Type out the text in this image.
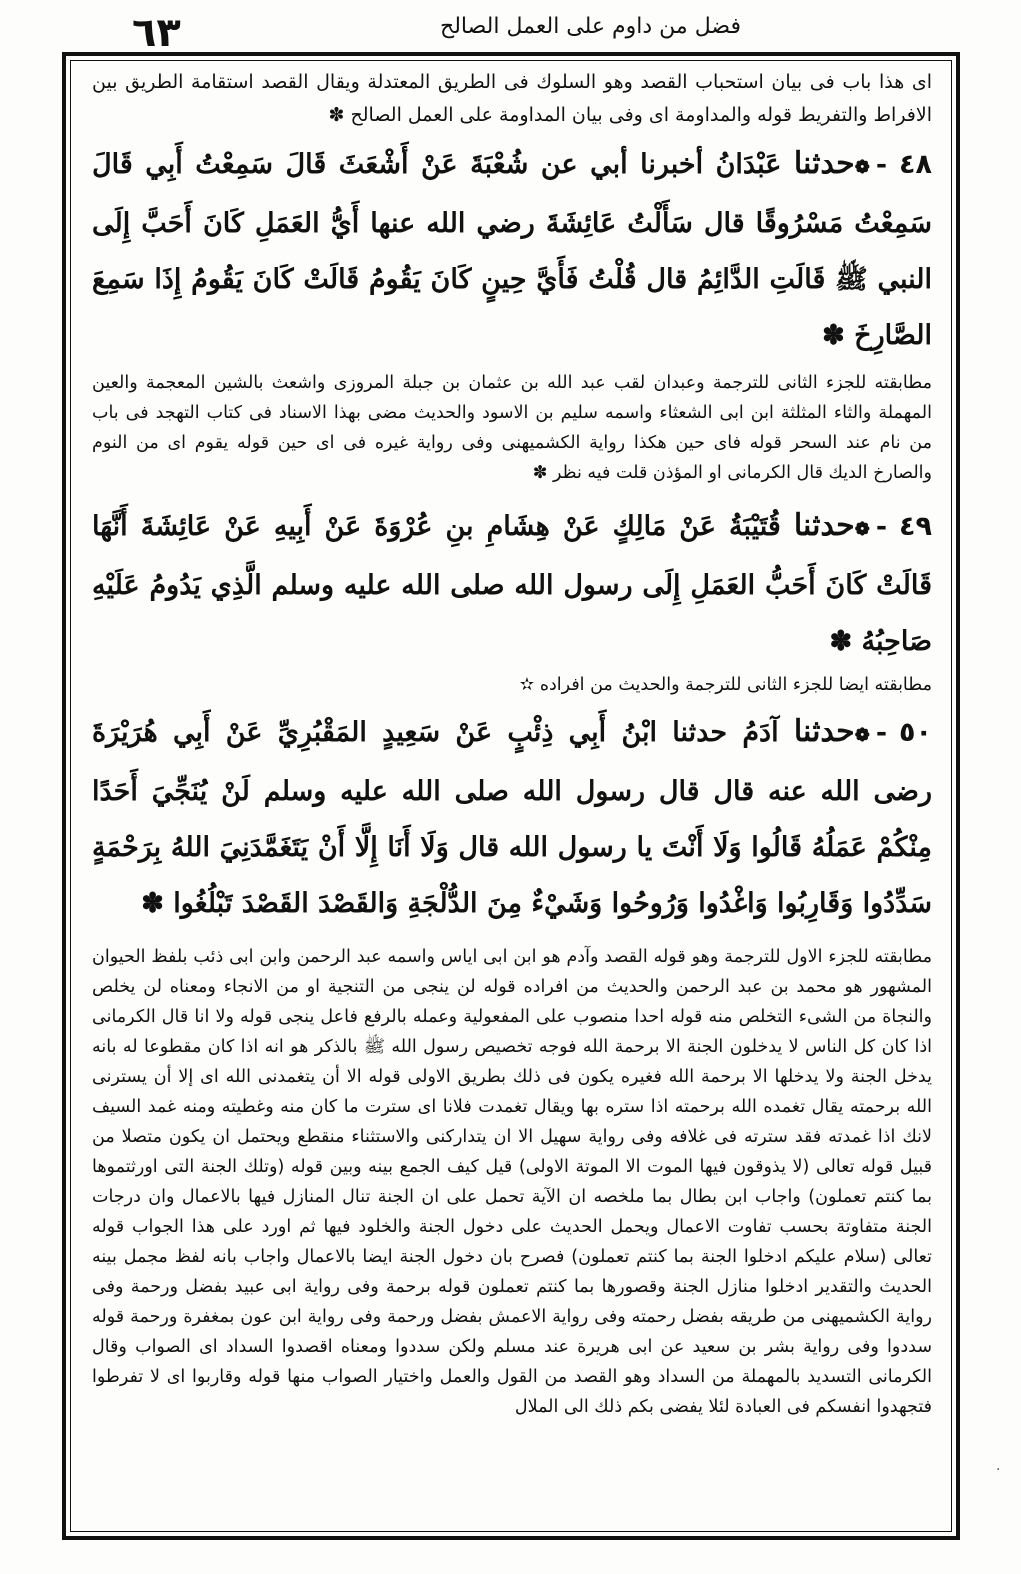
٦٣	فضل من داوم على العمل الصالح

اى هذا باب فى بيان استحباب القصد وهو السلوك فى الطريق المعتدلة ويقال القصد استقامة الطريق بين الافراط والتفريط قوله والمداومة اى وفى بيان المداومة على العمل الصالح ✽

٤٨-❁حدثنا عَبْدَانُ أخبرنا أبي عن شُعْبَةَ عَنْ أَشْعَثَ قَالَ سَمِعْتُ أَبِي قَالَ سَمِعْتُ مَسْرُوقًا قال سَأَلْتُ عَائِشَةَ رضي الله عنها أَيُّ العَمَلِ كَانَ أَحَبَّ إِلَى النبي ﷺ قَالَتِ الدَّائِمُ قال قُلْتُ فَأَيَّ حِينٍ كَانَ يَقُومُ قَالَتْ كَانَ يَقُومُ إِذَا سَمِعَ الصَّارِخَ ✽

مطابقته للجزء الثانى للترجمة وعبدان لقب عبد الله بن عثمان بن جبلة المروزى واشعث بالشين المعجمة والعين المهملة والثاء المثلثة ابن ابى الشعثاء واسمه سليم بن الاسود والحديث مضى بهذا الاسناد فى كتاب التهجد فى باب من نام عند السحر قوله فاى حين هكذا رواية الكشميهنى وفى رواية غيره فى اى حين قوله يقوم اى من النوم والصارخ الديك قال الكرمانى او المؤذن قلت فيه نظر ✽

٤٩-❁حدثنا قُتَيْبَةُ عَنْ مَالِكٍ عَنْ هِشَامِ بنِ عُرْوَةَ عَنْ أَبِيهِ عَنْ عَائِشَةَ أَنَّهَا قَالَتْ كَانَ أَحَبُّ العَمَلِ إِلَى رسول الله صلى الله عليه وسلم الَّذِي يَدُومُ عَلَيْهِ صَاحِبُهُ ✽

مطابقته ايضا للجزء الثانى للترجمة والحديث من افراده ✫

٥٠-❁حدثنا آدَمُ حدثنا ابْنُ أَبِي ذِئْبٍ عَنْ سَعِيدٍ المَقْبُرِيِّ عَنْ أَبِي هُرَيْرَةَ رضى الله عنه قال قال رسول الله صلى الله عليه وسلم لَنْ يُنَجِّيَ أَحَدًا مِنْكُمْ عَمَلُهُ قَالُوا وَلَا أَنْتَ يا رسول الله قال وَلَا أَنَا إِلَّا أَنْ يَتَغَمَّدَنِيَ اللهُ بِرَحْمَةٍ سَدِّدُوا وَقَارِبُوا وَاغْدُوا وَرُوحُوا وَشَيْءٌ مِنَ الدُّلْجَةِ وَالقَصْدَ القَصْدَ تَبْلُغُوا ✽

مطابقته للجزء الاول للترجمة وهو قوله القصد وآدم هو ابن ابى اياس واسمه عبد الرحمن وابن ابى ذئب بلفظ الحيوان المشهور هو محمد بن عبد الرحمن والحديث من افراده قوله لن ينجى من التنجية او من الانجاء ومعناه لن يخلص والنجاة من الشىء التخلص منه قوله احدا منصوب على المفعولية وعمله بالرفع فاعل ينجى قوله ولا انا قال الكرمانى اذا كان كل الناس لا يدخلون الجنة الا برحمة الله فوجه تخصيص رسول الله ﷺ بالذكر هو انه اذا كان مقطوعا له بانه يدخل الجنة ولا يدخلها الا برحمة الله فغيره يكون فى ذلك بطريق الاولى قوله الا أن يتغمدنى الله اى إلا أن يسترنى الله برحمته يقال تغمده الله برحمته اذا ستره بها ويقال تغمدت فلانا اى سترت ما كان منه وغطيته ومنه غمد السيف لانك اذا غمدته فقد سترته فى غلافه وفى رواية سهيل الا ان يتداركنى والاستثناء منقطع ويحتمل ان يكون متصلا من قبيل قوله تعالى (لا يذوقون فيها الموت الا الموتة الاولى) قيل كيف الجمع بينه وبين قوله (وتلك الجنة التى اورثتموها بما كنتم تعملون) واجاب ابن بطال بما ملخصه ان الآية تحمل على ان الجنة تنال المنازل فيها بالاعمال وان درجات الجنة متفاوتة بحسب تفاوت الاعمال ويحمل الحديث على دخول الجنة والخلود فيها ثم اورد على هذا الجواب قوله تعالى (سلام عليكم ادخلوا الجنة بما كنتم تعملون) فصرح بان دخول الجنة ايضا بالاعمال واجاب بانه لفظ مجمل بينه الحديث والتقدير ادخلوا منازل الجنة وقصورها بما كنتم تعملون قوله برحمة وفى رواية ابى عبيد بفضل ورحمة وفى رواية الكشميهنى من طريقه بفضل رحمته وفى رواية الاعمش بفضل ورحمة وفى رواية ابن عون بمغفرة ورحمة قوله سددوا وفى رواية بشر بن سعيد عن ابى هريرة عند مسلم ولكن سددوا ومعناه اقصدوا السداد اى الصواب وقال الكرمانى التسديد بالمهملة من السداد وهو القصد من القول والعمل واختيار الصواب منها قوله وقاربوا اى لا تفرطوا فتجهدوا انفسكم فى العبادة لئلا يفضى بكم ذلك الى الملال

·
